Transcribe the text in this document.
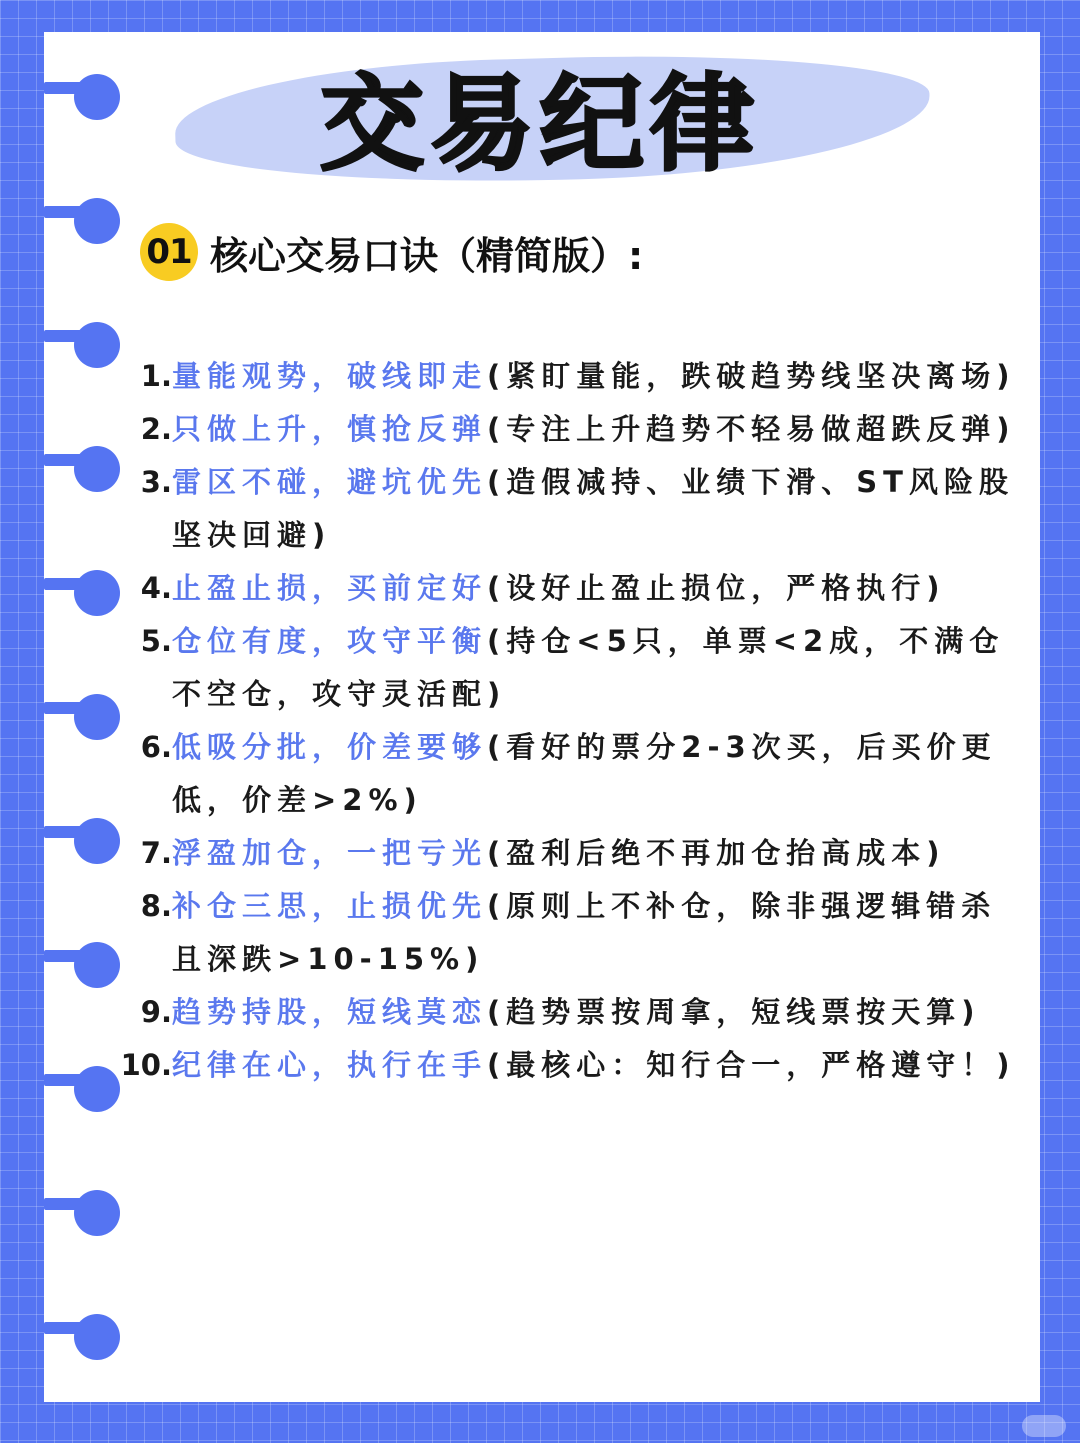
交易纪律
01 核心交易口诀（精简版）:
1. 量能观势，破线即走(紧盯量能，跌破趋势线坚决离场)
2. 只做上升，慎抢反弹(专注上升趋势不轻易做超跌反弹)
3. 雷区不碰，避坑优先(造假减持、业绩下滑、ST风险股坚决回避)
4. 止盈止损，买前定好(设好止盈止损位，严格执行)
5. 仓位有度，攻守平衡(持仓<5只，单票<2成，不满仓不空仓，攻守灵活配)
6. 低吸分批，价差要够(看好的票分2-3次买，后买价更低，价差>2%)
7. 浮盈加仓，一把亏光(盈利后绝不再加仓抬高成本)
8. 补仓三思，止损优先(原则上不补仓，除非强逻辑错杀且深跌>10-15%)
9. 趋势持股，短线莫恋(趋势票按周拿，短线票按天算)
10. 纪律在心，执行在手(最核心：知行合一，严格遵守！)
